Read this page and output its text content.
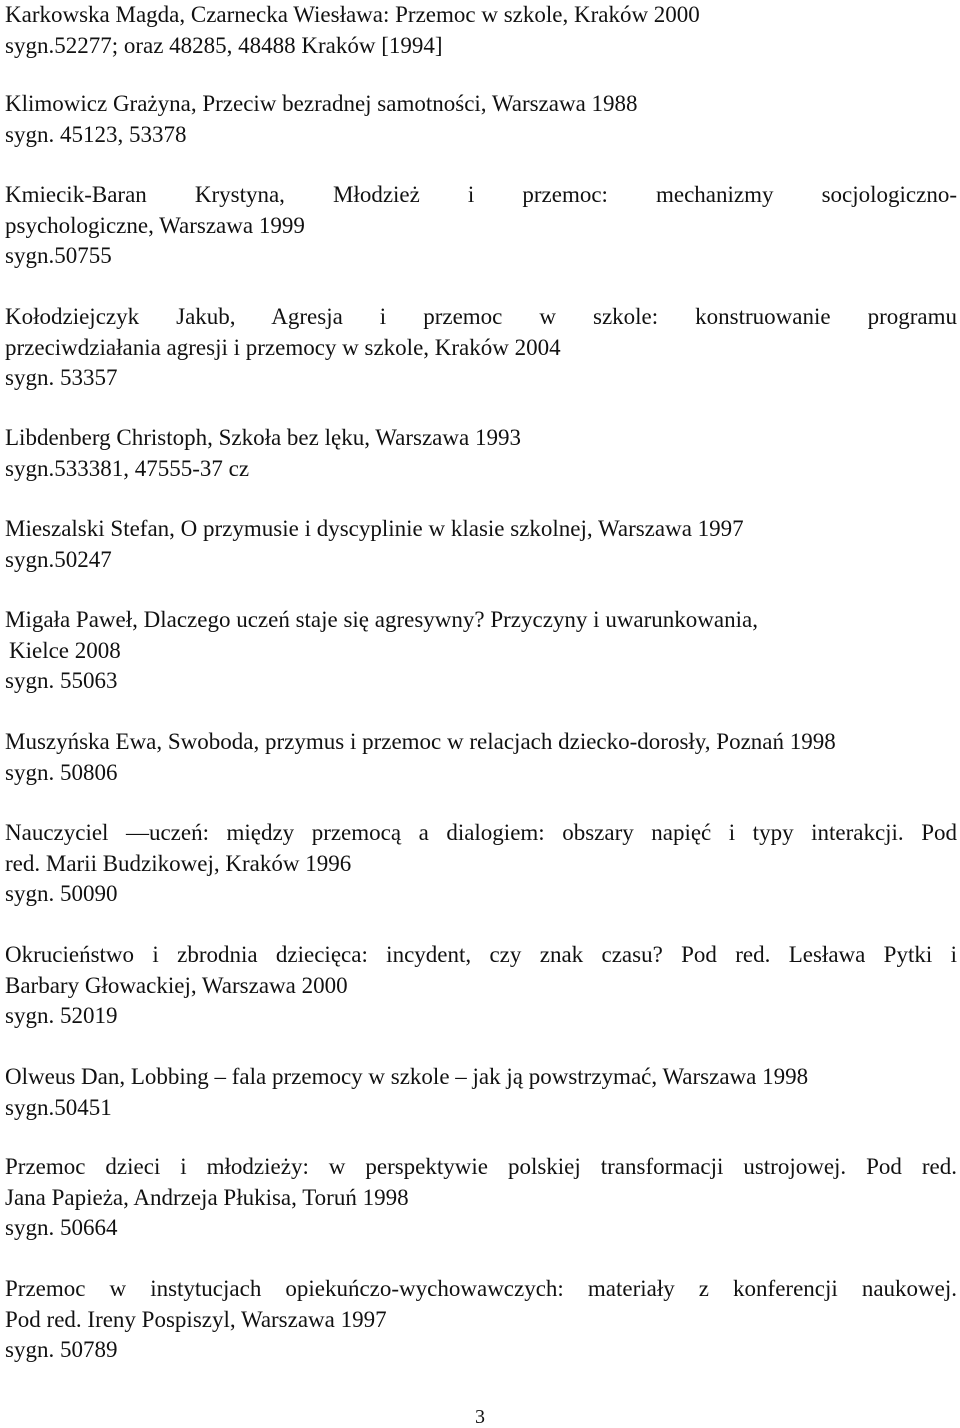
Karkowska Magda, Czarnecka Wiesława: Przemoc w szkole, Kraków 2000
sygn.52277; oraz 48285, 48488 Kraków [1994]
Klimowicz Grażyna, Przeciw bezradnej samotności, Warszawa 1988
sygn. 45123, 53378
Kmiecik-Baran Krystyna, Młodzież i przemoc: mechanizmy socjologiczno-
psychologiczne, Warszawa 1999
sygn.50755
Kołodziejczyk Jakub, Agresja i przemoc w szkole: konstruowanie programu
przeciwdziałania agresji i przemocy w szkole, Kraków 2004
sygn. 53357
Libdenberg Christoph, Szkoła bez lęku, Warszawa 1993
sygn.533381, 47555-37 cz
Mieszalski Stefan, O przymusie i dyscyplinie w klasie szkolnej, Warszawa 1997
sygn.50247
Migała Paweł, Dlaczego uczeń staje się agresywny? Przyczyny i uwarunkowania,
Kielce 2008
sygn. 55063
Muszyńska Ewa, Swoboda, przymus i przemoc w relacjach dziecko-dorosły, Poznań 1998
sygn. 50806
Nauczyciel —uczeń: między przemocą a dialogiem: obszary napięć i typy interakcji. Pod
red. Marii Budzikowej, Kraków 1996
sygn. 50090
Okrucieństwo i zbrodnia dziecięca: incydent, czy znak czasu? Pod red. Lesława Pytki i
Barbary Głowackiej, Warszawa 2000
sygn. 52019
Olweus Dan, Lobbing – fala przemocy w szkole – jak ją powstrzymać, Warszawa 1998
sygn.50451
Przemoc dzieci i młodzieży: w perspektywie polskiej transformacji ustrojowej. Pod red.
Jana Papieża, Andrzeja Płukisa, Toruń 1998
sygn. 50664
Przemoc w instytucjach opiekuńczo-wychowawczych: materiały z konferencji naukowej.
Pod red. Ireny Pospiszyl, Warszawa 1997
sygn. 50789
3
